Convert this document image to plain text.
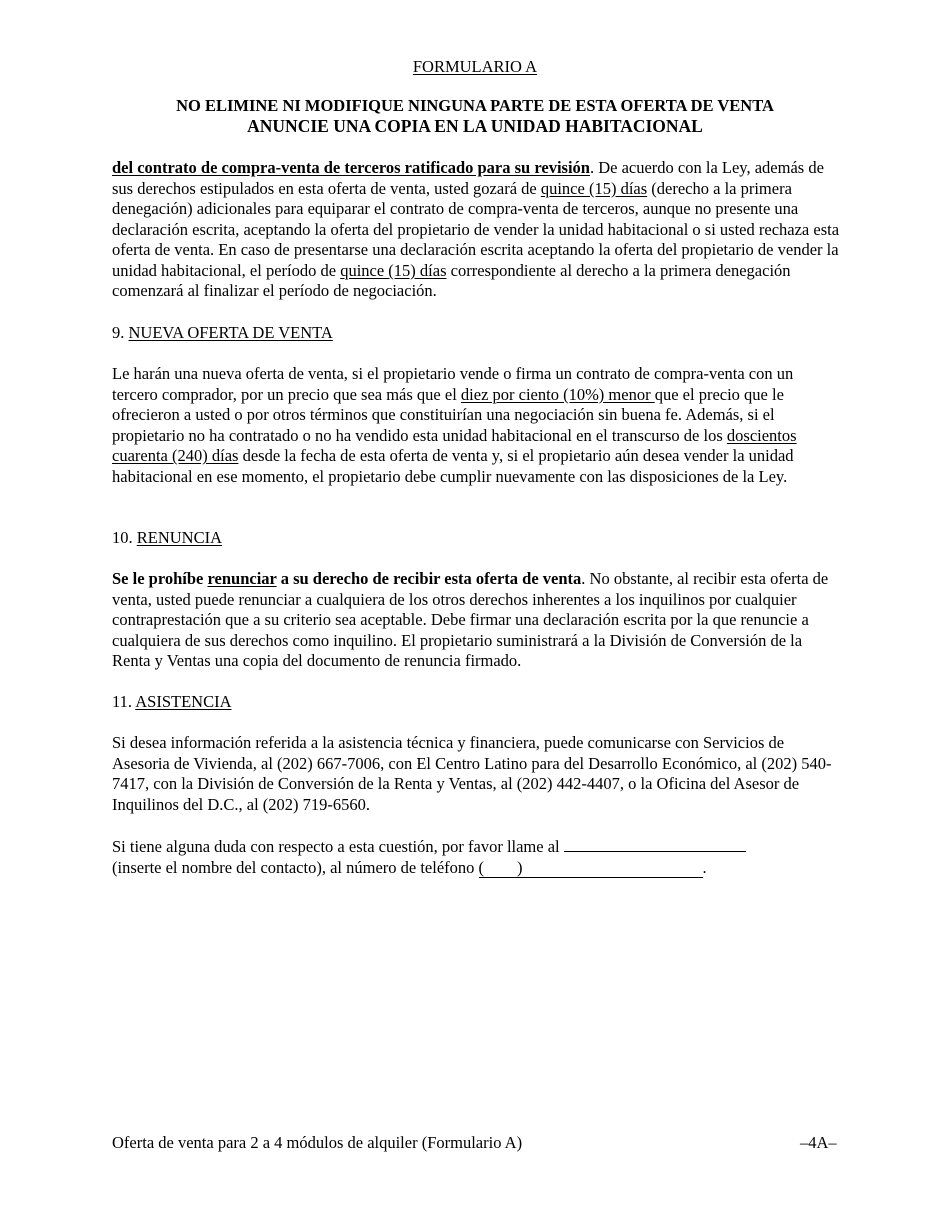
FORMULARIO A
NO ELIMINE NI MODIFIQUE NINGUNA PARTE DE ESTA OFERTA DE VENTA
ANUNCIE UNA COPIA EN LA UNIDAD HABITACIONAL
del contrato de compra-venta de terceros ratificado para su revisión. De acuerdo con la Ley, además de sus derechos estipulados en esta oferta de venta, usted gozará de quince (15) días (derecho a la primera denegación) adicionales para equiparar el contrato de compra-venta de terceros, aunque no presente una declaración escrita, aceptando la oferta del propietario de vender la unidad habitacional o si usted rechaza esta oferta de venta. En caso de presentarse una declaración escrita aceptando la oferta del propietario de vender la unidad habitacional, el período de quince (15) días correspondiente al derecho a la primera denegación comenzará al finalizar el período de negociación.
9. NUEVA OFERTA DE VENTA
Le harán una nueva oferta de venta, si el propietario vende o firma un contrato de compra-venta con un tercero comprador, por un precio que sea más que el diez por ciento (10%) menor que el precio que le ofrecieron a usted o por otros términos que constituirían una negociación sin buena fe. Además, si el propietario no ha contratado o no ha vendido esta unidad habitacional en el transcurso de los doscientos cuarenta (240) días desde la fecha de esta oferta de venta y, si el propietario aún desea vender la unidad habitacional en ese momento, el propietario debe cumplir nuevamente con las disposiciones de la Ley.
10. RENUNCIA
Se le prohíbe renunciar a su derecho de recibir esta oferta de venta. No obstante, al recibir esta oferta de venta, usted puede renunciar a cualquiera de los otros derechos inherentes a los inquilinos por cualquier contraprestación que a su criterio sea aceptable. Debe firmar una declaración escrita por la que renuncie a cualquiera de sus derechos como inquilino. El propietario suministrará a la División de Conversión de la Renta y Ventas una copia del documento de renuncia firmado.
11. ASISTENCIA
Si desea información referida a la asistencia técnica y financiera, puede comunicarse con Servicios de Asesoria de Vivienda, al (202) 667-7006, con El Centro Latino para del Desarrollo Económico, al (202) 540-7417, con la División de Conversión de la Renta y Ventas, al (202) 442-4407, o la Oficina del Asesor de Inquilinos del D.C., al (202) 719-6560.
Si tiene alguna duda con respecto a esta cuestión, por favor llame al
(inserte el nombre del contacto), al número de teléfono (        )	.
Oferta de venta para 2 a 4 módulos de alquiler (Formulario A)	–4A–
